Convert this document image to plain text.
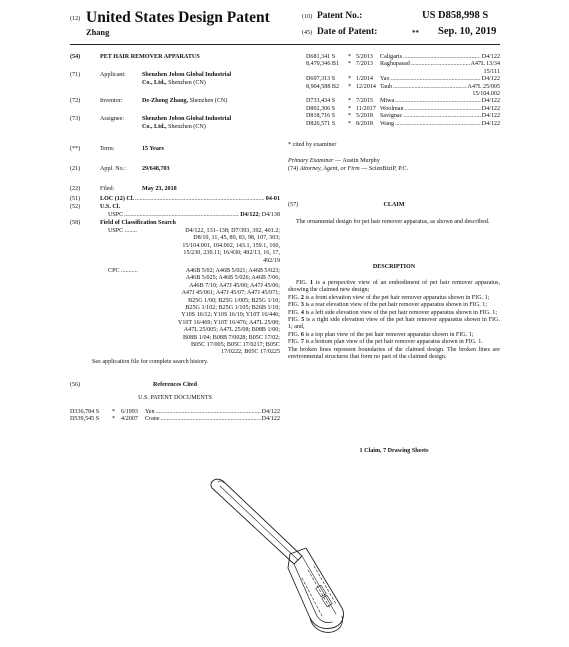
(12) United States Design Patent
Zhang
(10) Patent No.:	US D858,998 S
(45) Date of Patent:	** Sep. 10, 2019
(54)	PET HAIR REMOVER APPARATUS
(71)	Applicant:	Shenzhen Jobon Global Industrial
Co., Ltd., Shenzhen (CN)
(72)	Inventor:	De-Zhong Zhang, Shenzhen (CN)
(73)	Assignee:	Shenzhen Jobon Global Industrial
Co., Ltd., Shenzhen (CN)
(**)	Term:	15 Years
(21)	Appl. No.:	29/648,703
(22)	Filed:	May 23, 2018
(51)	LOC (12) Cl. .....	04-01
(52)	U.S. Cl.
USPC .....	D4/122; D4/138
(58)	Field of Classification Search
USPC ........	D4/122, 131–138; D7/393, 392, 401.2;
D8/10, 11, 45, 80, 83, 98, 107, 303;
15/104.001, 104.002, 143.1, 159.1, 160,
15/230, 230.11; 16/430; 492/13, 16, 17,
492/19
CPC ...........	A46B 5/02; A46B 5/021; A46B 5/023;
A46B 5/025; A46B 5/026; A46B 7/06;
A46B 7/10; A47J 45/00; A47J 45/06;
A47J 45/061; A47J 45/07; A47J 45/071;
B25G 1/00; B25G 1/005; B25G 1/10;
B25G 1/102; B25G 1/105; B26B 1/10;
Y10S 16/12; Y10S 16/19; Y10T 16/446;
Y10T 16/469; Y10T 16/476; A47L 25/00;
A47L 25/005; A47L 25/08; B08B 1/00;
B08B 1/04; B08B 7/0028; B05C 17/02;
B05C 17/005; B05C 17/0217; B05C
17/0222; B05C 17/0225
See application file for complete search history.
(56)	References Cited
U.S. PATENT DOCUMENTS
D336,784 S	* 6/1993	Yen .....	D4/122
D539,545 S	* 4/2007	Crane .....	D4/122
D681,341 S	* 5/2013	Caligaris .....	D4/122
8,479,346 B1	* 7/2013	Raghupasad .....	A47L 13/34
15/111
D697,313 S	* 1/2014	Yao .....	D4/122
8,904,588 B2	* 12/2014 Taub .....	A47L 25/005
15/104.002
D733,434 S	* 7/2015	Miwa .....	D4/122
D802,306 S	* 11/2017 Woolman .....	D4/122
D818,716 S	* 5/2018	Savignac .....	D4/122
D826,571 S	* 8/2018	Wang .....	D4/122
* cited by examiner
Primary Examiner — Austin Murphy
(74) Attorney, Agent, or Firm — ScienBiziP, P.C.
(57)	CLAIM
The ornamental design for pet hair remover apparatus, as shown and described.
DESCRIPTION
FIG. 1 is a perspective view of an embodiment of pet hair remover apparatus, showing the claimed new design;
FIG. 2 is a front elevation view of the pet hair remover apparatus shown in FIG. 1;
FIG. 3 is a rear elevation view of the pet hair remover apparatus shown in FIG. 1;
FIG. 4 is a left side elevation view of the pet hair remover apparatus shown in FIG. 1;
FIG. 5 is a right side elevation view of the pet hair remover apparatus shown in FIG. 1; and,
FIG. 6 is a top plan view of the pet hair remover apparatus shown in FIG. 1;
FIG. 7 is a bottom plan view of the pet hair remover apparatus shown in FIG. 1.
The broken lines represent boundaries of the claimed design. The broken lines are environmental structures that form no part of the claimed design.
1 Claim, 7 Drawing Sheets
